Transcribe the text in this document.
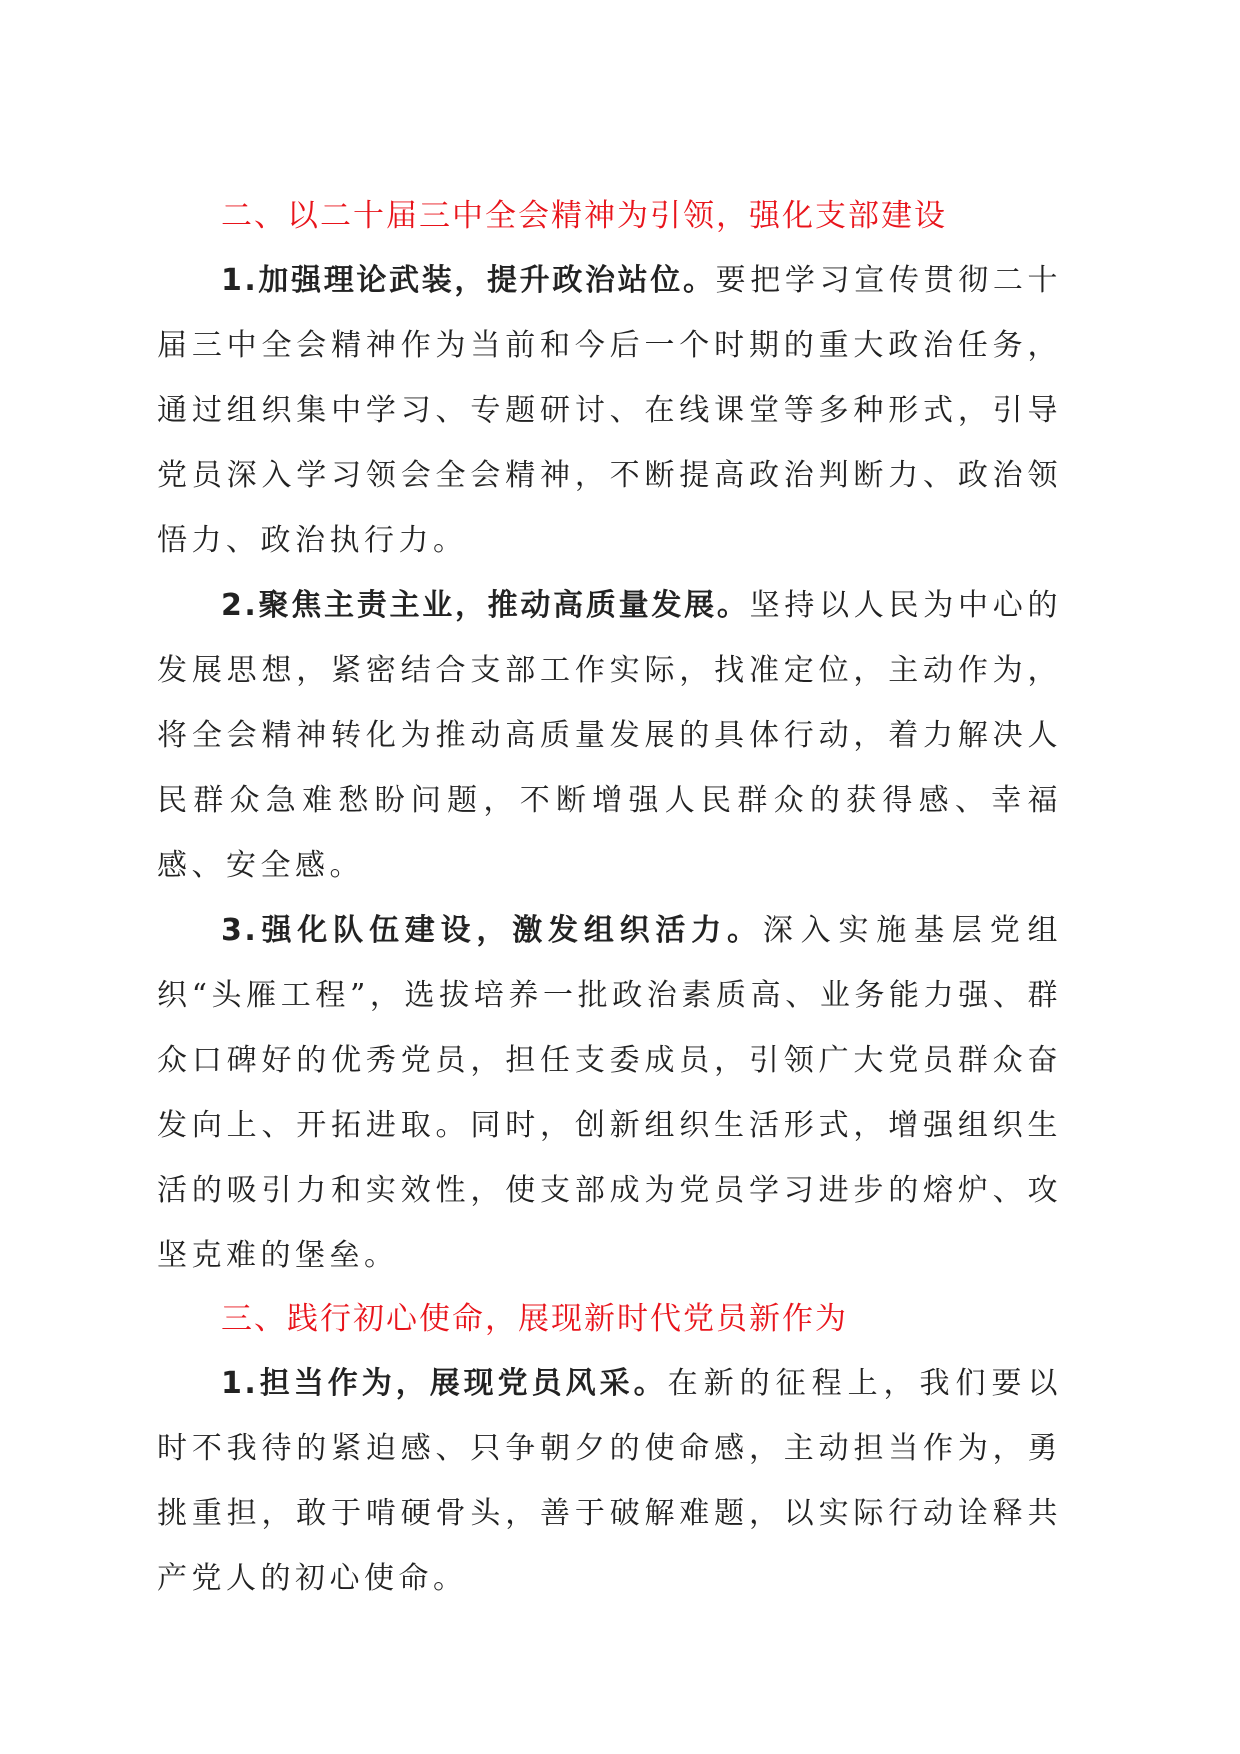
二、以二十届三中全会精神为引领，强化支部建设

1.加强理论武装，提升政治站位。要把学习宣传贯彻二十届三中全会精神作为当前和今后一个时期的重大政治任务，通过组织集中学习、专题研讨、在线课堂等多种形式，引导党员深入学习领会全会精神，不断提高政治判断力、政治领悟力、政治执行力。

2.聚焦主责主业，推动高质量发展。坚持以人民为中心的发展思想，紧密结合支部工作实际，找准定位，主动作为，将全会精神转化为推动高质量发展的具体行动，着力解决人民群众急难愁盼问题，不断增强人民群众的获得感、幸福感、安全感。

3.强化队伍建设，激发组织活力。深入实施基层党组织“头雁工程”，选拔培养一批政治素质高、业务能力强、群众口碑好的优秀党员，担任支委成员，引领广大党员群众奋发向上、开拓进取。同时，创新组织生活形式，增强组织生活的吸引力和实效性，使支部成为党员学习进步的熔炉、攻坚克难的堡垒。

三、践行初心使命，展现新时代党员新作为

1.担当作为，展现党员风采。在新的征程上，我们要以时不我待的紧迫感、只争朝夕的使命感，主动担当作为，勇挑重担，敢于啃硬骨头，善于破解难题，以实际行动诠释共产党人的初心使命。
